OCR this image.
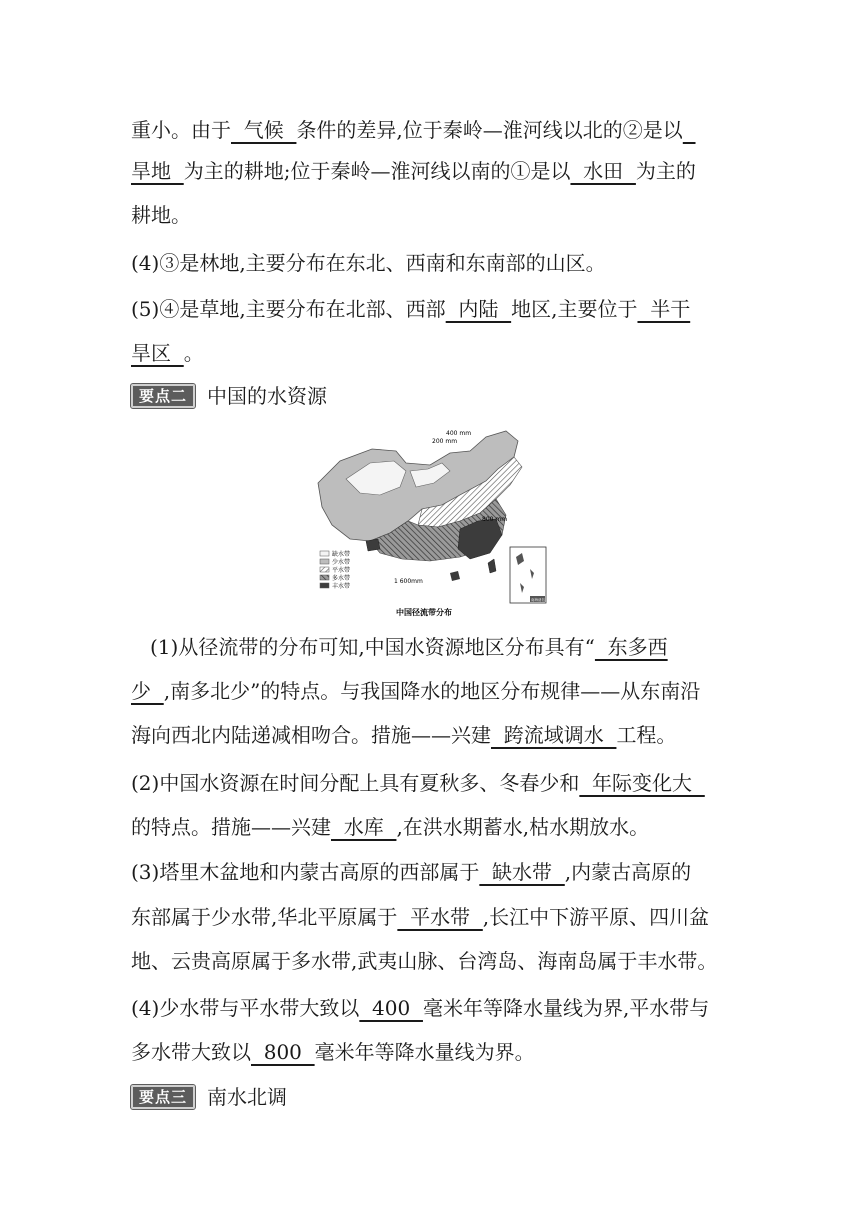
重小。由于  气候  条件的差异,位于秦岭—淮河线以北的②是以
旱地  为主的耕地;位于秦岭—淮河线以南的①是以  水田  为主的
耕地。
(4)③是林地,主要分布在东北、西南和东南部的山区。
(5)④是草地,主要分布在北部、西部  内陆  地区,主要位于  半干
旱区  。
要点二	中国的水资源
400 mm
200 mm
800 mm
1 600mm
缺水带
少水带
平水带
多水带
丰水带
南海诸岛
中国径流带分布
(1)从径流带的分布可知,中国水资源地区分布具有“  东多西
少  ,南多北少”的特点。与我国降水的地区分布规律——从东南沿
海向西北内陆递减相吻合。措施——兴建  跨流域调水  工程。
(2)中国水资源在时间分配上具有夏秋多、冬春少和  年际变化大
的特点。措施——兴建  水库  ,在洪水期蓄水,枯水期放水。
(3)塔里木盆地和内蒙古高原的西部属于  缺水带  ,内蒙古高原的
东部属于少水带,华北平原属于  平水带  ,长江中下游平原、四川盆
地、云贵高原属于多水带,武夷山脉、台湾岛、海南岛属于丰水带。
(4)少水带与平水带大致以  400  毫米年等降水量线为界,平水带与
多水带大致以  800  毫米年等降水量线为界。
要点三	南水北调
